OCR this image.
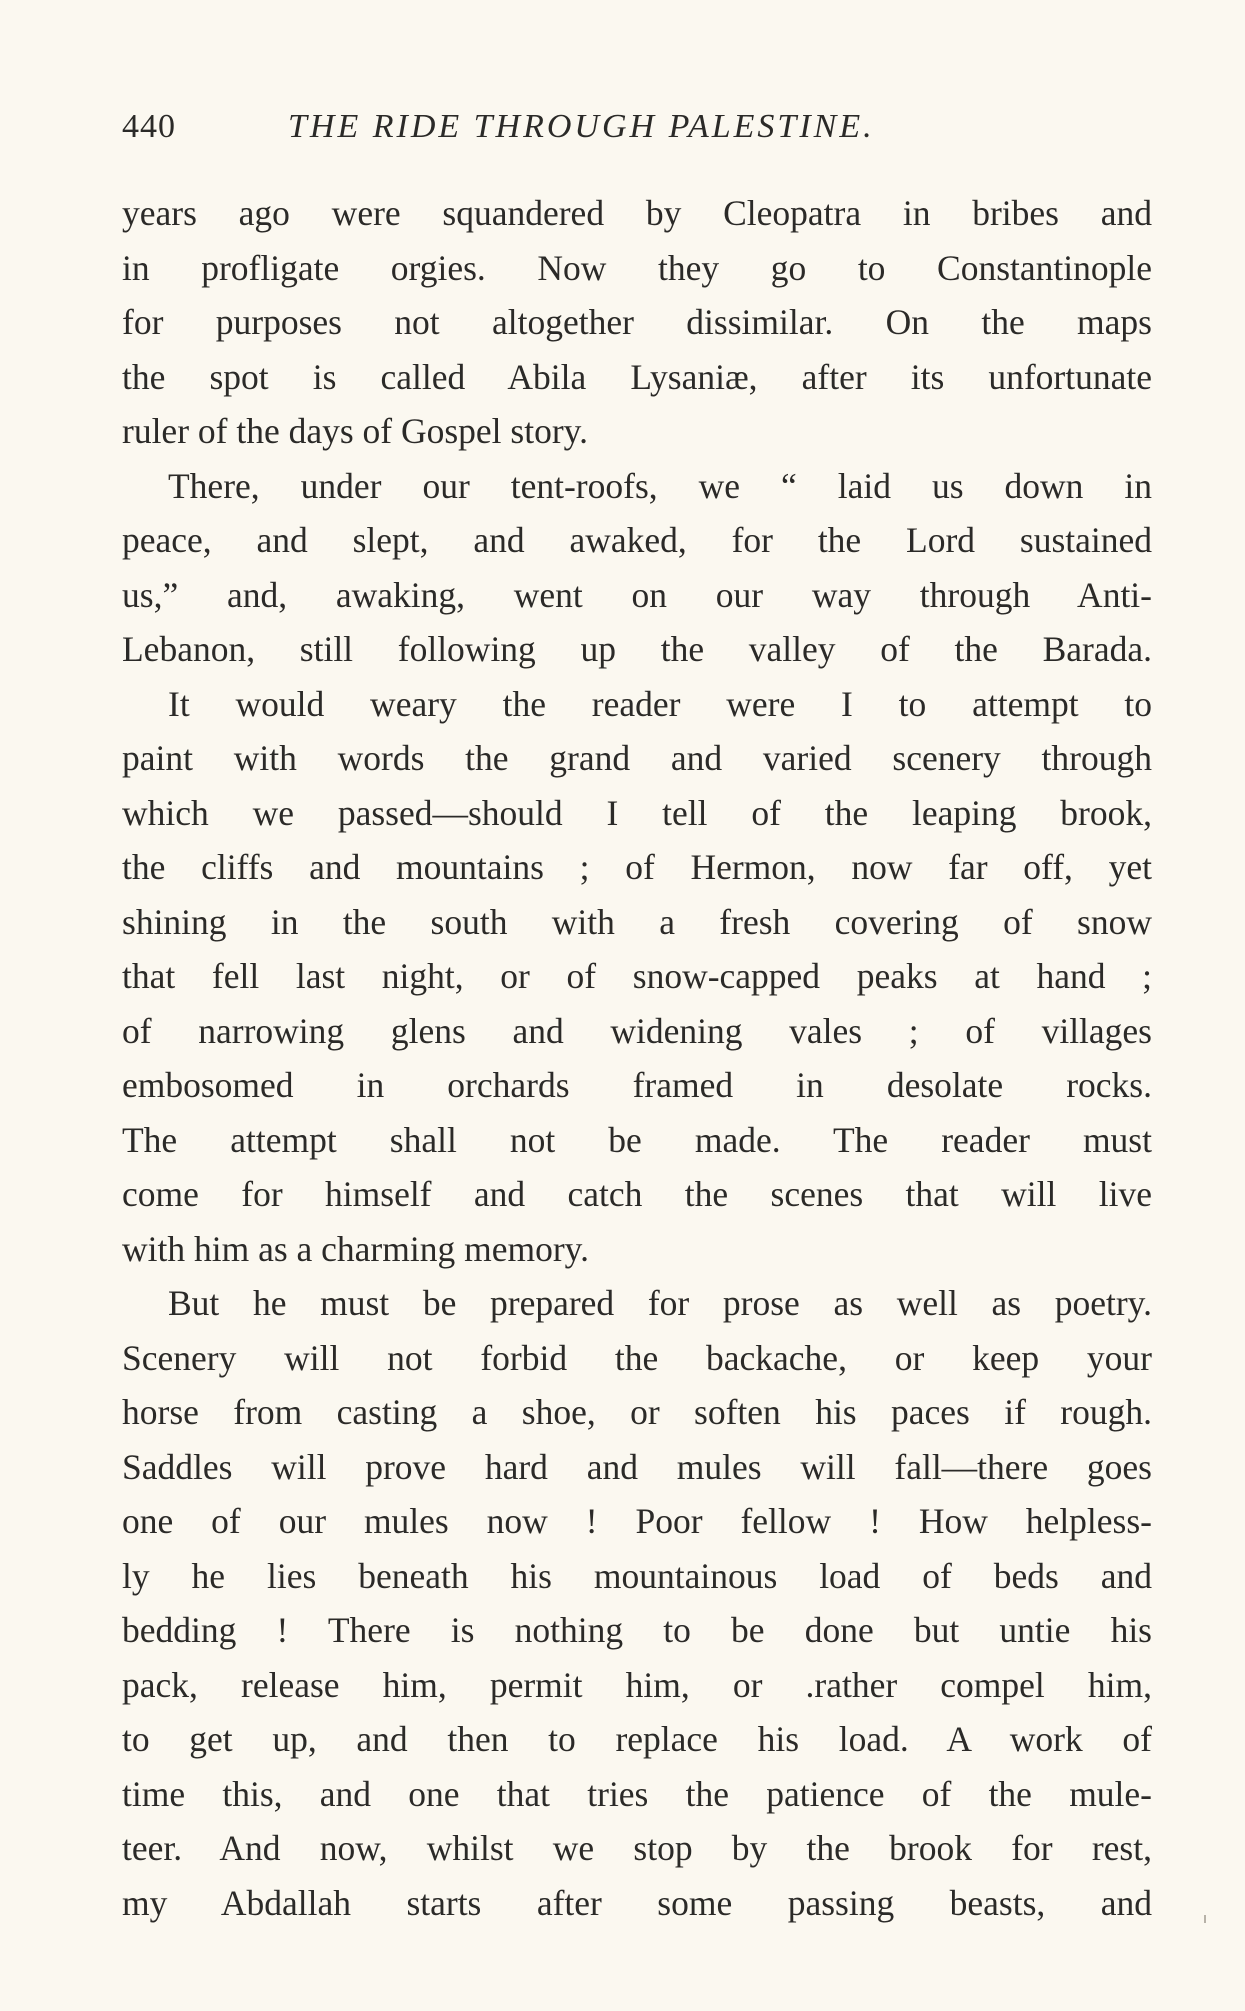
440	THE RIDE THROUGH PALESTINE.
years ago were squandered by Cleopatra in bribes and
in profligate orgies. Now they go to Constantinople
for purposes not altogether dissimilar. On the maps
the spot is called Abila Lysaniæ, after its unfortunate
ruler of the days of Gospel story.
There, under our tent-roofs, we “ laid us down in
peace, and slept, and awaked, for the Lord sustained
us,” and, awaking, went on our way through Anti-
Lebanon, still following up the valley of the Barada.
It would weary the reader were I to attempt to
paint with words the grand and varied scenery through
which we passed—should I tell of the leaping brook,
the cliffs and mountains ; of Hermon, now far off, yet
shining in the south with a fresh covering of snow
that fell last night, or of snow-capped peaks at hand ;
of narrowing glens and widening vales ; of villages
embosomed in orchards framed in desolate rocks.
The attempt shall not be made. The reader must
come for himself and catch the scenes that will live
with him as a charming memory.
But he must be prepared for prose as well as poetry.
Scenery will not forbid the backache, or keep your
horse from casting a shoe, or soften his paces if rough.
Saddles will prove hard and mules will fall—there goes
one of our mules now ! Poor fellow ! How helpless-
ly he lies beneath his mountainous load of beds and
bedding ! There is nothing to be done but untie his
pack, release him, permit him, or .rather compel him,
to get up, and then to replace his load. A work of
time this, and one that tries the patience of the mule-
teer. And now, whilst we stop by the brook for rest,
my Abdallah starts after some passing beasts, and
